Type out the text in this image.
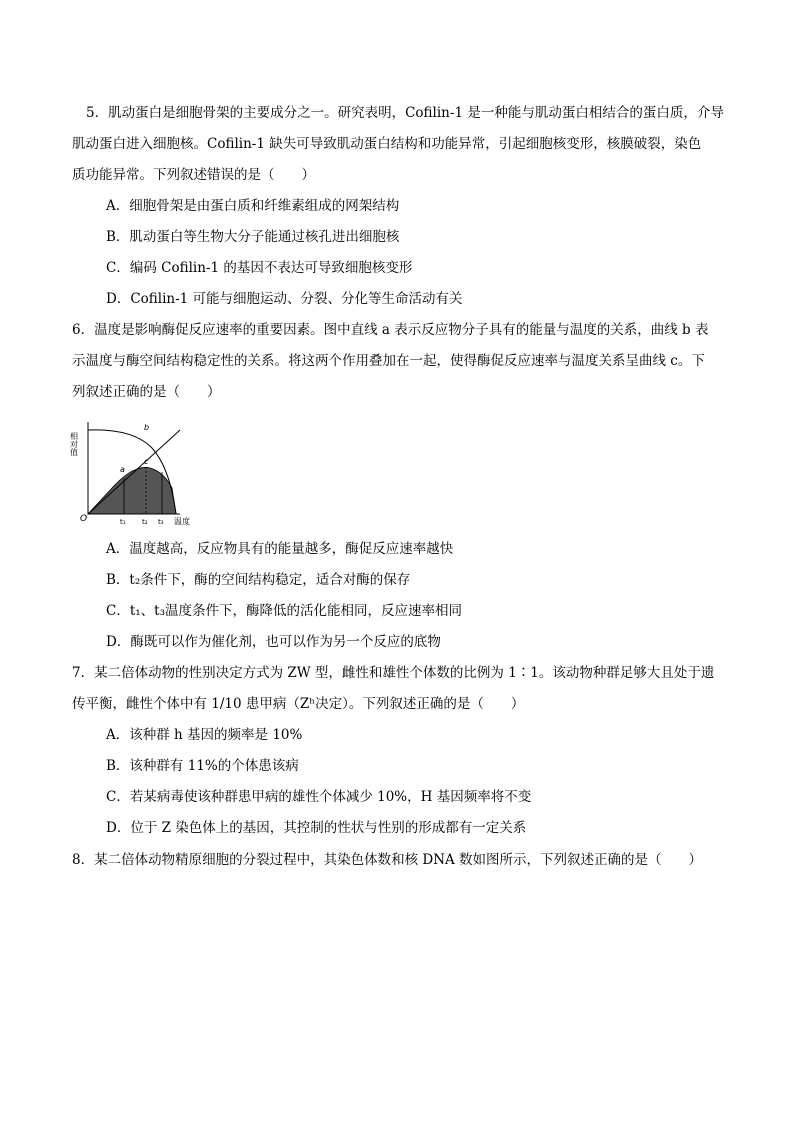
5．肌动蛋白是细胞骨架的主要成分之一。研究表明，Cofilin-1 是一种能与肌动蛋白相结合的蛋白质，介导
肌动蛋白进入细胞核。Cofilin-1 缺失可导致肌动蛋白结构和功能异常，引起细胞核变形，核膜破裂，染色
质功能异常。下列叙述错误的是（　　）
A．细胞骨架是由蛋白质和纤维素组成的网架结构
B．肌动蛋白等生物大分子能通过核孔进出细胞核
C．编码 Cofilin-1 的基因不表达可导致细胞核变形
D．Cofilin-1 可能与细胞运动、分裂、分化等生命活动有关
6．温度是影响酶促反应速率的重要因素。图中直线 a 表示反应物分子具有的能量与温度的关系，曲线 b 表
示温度与酶空间结构稳定性的关系。将这两个作用叠加在一起，使得酶促反应速率与温度关系呈曲线 c。下
列叙述正确的是（　　）
相对值
温度
O
b
a
c
t₁ t₂ t₃
A．温度越高，反应物具有的能量越多，酶促反应速率越快
B．t₂条件下，酶的空间结构稳定，适合对酶的保存
C．t₁、t₃温度条件下，酶降低的活化能相同，反应速率相同
D．酶既可以作为催化剂，也可以作为另一个反应的底物
7．某二倍体动物的性别决定方式为 ZW 型，雌性和雄性个体数的比例为 1∶1。该动物种群足够大且处于遗
传平衡，雌性个体中有 1/10 患甲病（Zʰ决定）。下列叙述正确的是（　　）
A．该种群 h 基因的频率是 10%
B．该种群有 11%的个体患该病
C．若某病毒使该种群患甲病的雄性个体减少 10%，H 基因频率将不变
D．位于 Z 染色体上的基因，其控制的性状与性别的形成都有一定关系
8．某二倍体动物精原细胞的分裂过程中，其染色体数和核 DNA 数如图所示，下列叙述正确的是（　　）
